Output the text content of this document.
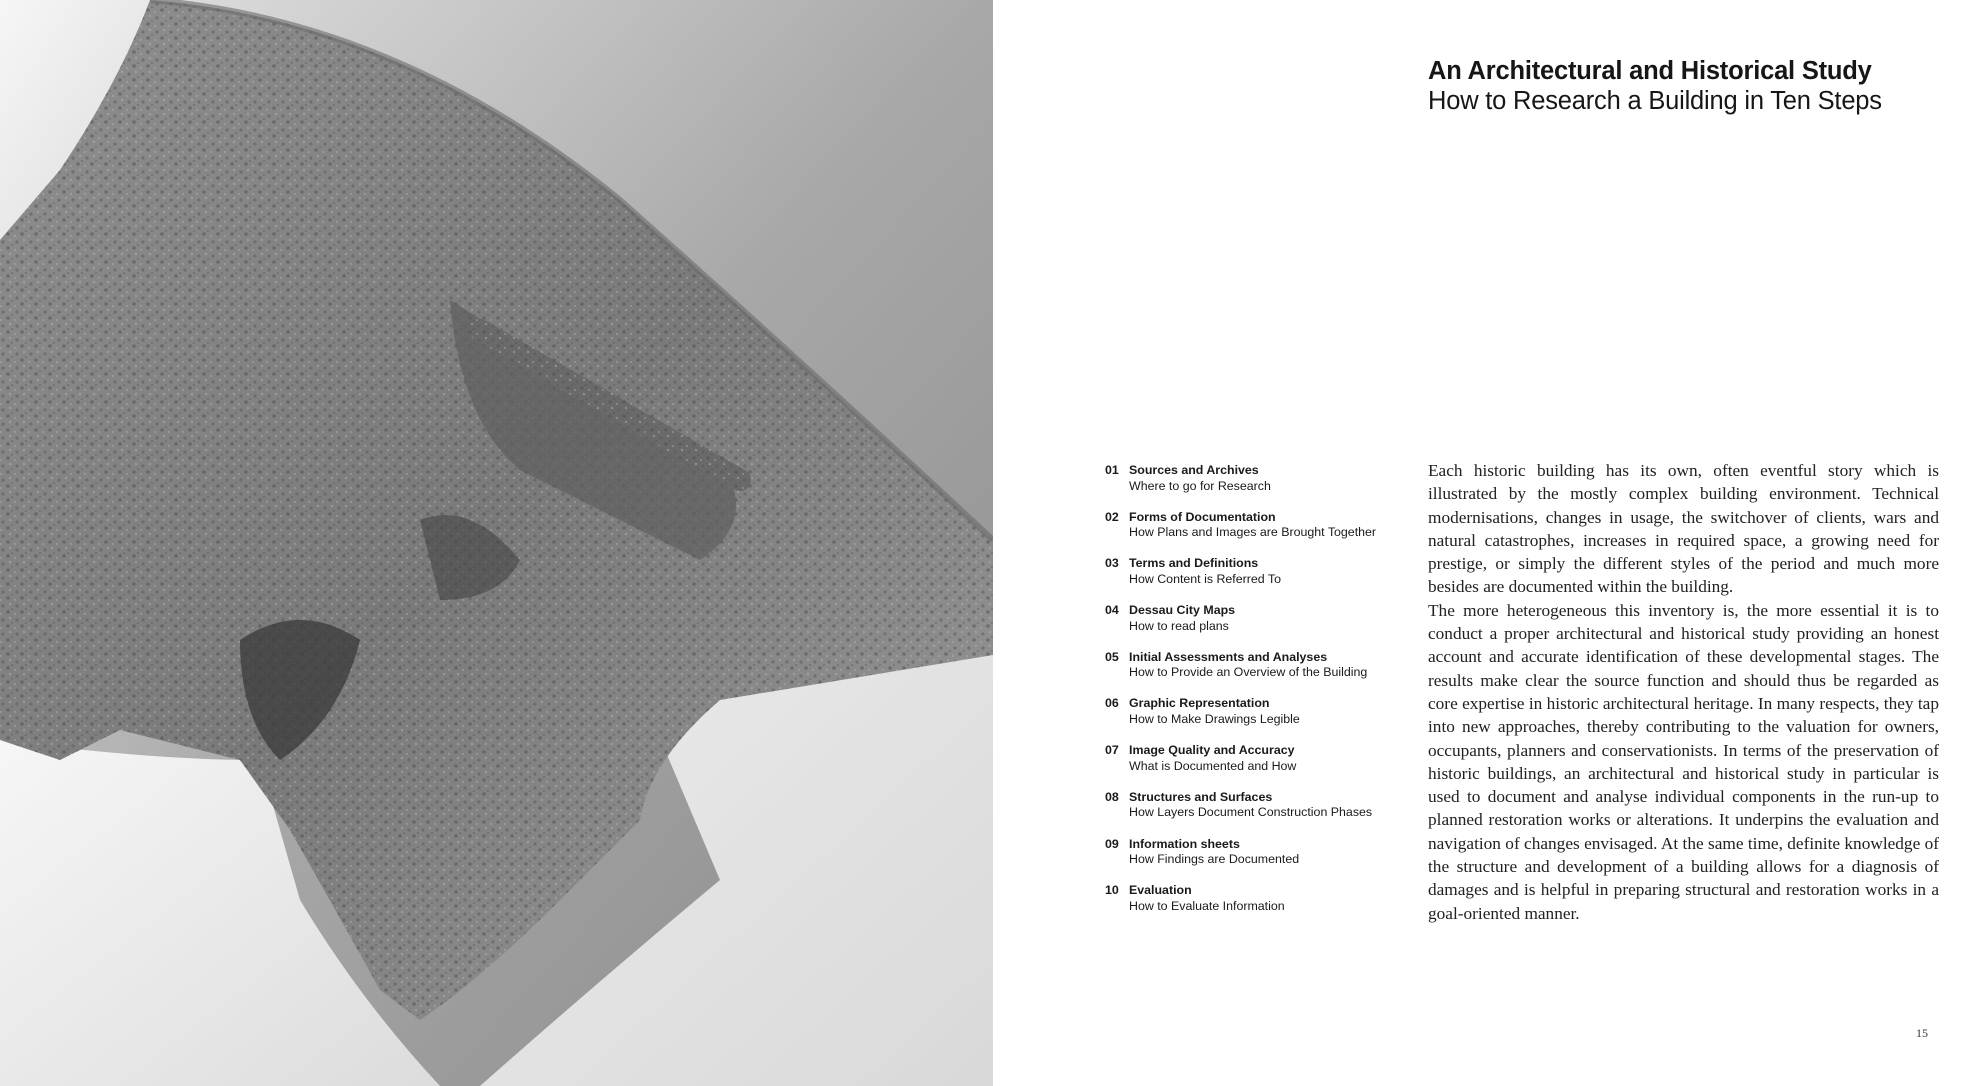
An Architectural and Historical Study
How to Research a Building in Ten Steps
01 Sources and Archives
Where to go for Research
02 Forms of Documentation
How Plans and Images are Brought Together
03 Terms and Definitions
How Content is Referred To
04 Dessau City Maps
How to read plans
05 Initial Assessments and Analyses
How to Provide an Overview of the Building
06 Graphic Representation
How to Make Drawings Legible
07 Image Quality and Accuracy
What is Documented and How
08 Structures and Surfaces
How Layers Document Construction Phases
09 Information sheets
How Findings are Documented
10 Evaluation
How to Evaluate Information

Each historic building has its own, often eventful story which is illustrated by the mostly complex building environment. Technical modernisations, changes in usage, the switchover of clients, wars and natural catastrophes, increases in required space, a growing need for prestige, or simply the different styles of the period and much more besides are documented within the building.

The more heterogeneous this inventory is, the more essential it is to conduct a proper architectural and historical study providing an honest account and accurate identification of these developmental stages. The results make clear the source function and should thus be regarded as core expertise in historic architectural heritage. In many respects, they tap into new approaches, thereby contributing to the valuation for owners, occupants, planners and conservationists. In terms of the preservation of historic buildings, an architectural and historical study in particular is used to document and analyse individual components in the run-up to planned restoration works or alterations. It underpins the evaluation and navigation of changes envisaged. At the same time, definite knowledge of the structure and development of a building allows for a diagnosis of damages and is helpful in preparing structural and restoration works in a goal-oriented manner.

15
